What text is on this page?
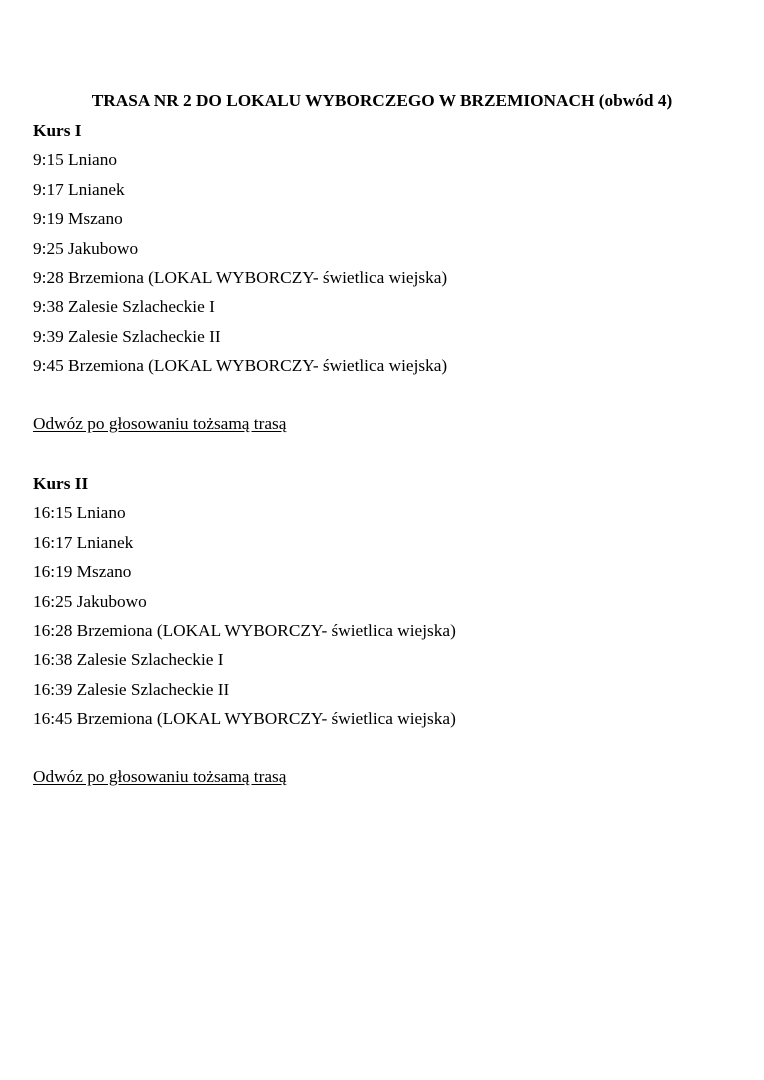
TRASA NR 2 DO LOKALU WYBORCZEGO W BRZEMIONACH (obwód 4)
Kurs I
9:15 Lniano
9:17 Lnianek
9:19 Mszano
9:25 Jakubowo
9:28 Brzemiona (LOKAL WYBORCZY- świetlica wiejska)
9:38 Zalesie Szlacheckie I
9:39 Zalesie Szlacheckie II
9:45 Brzemiona (LOKAL WYBORCZY- świetlica wiejska)
Odwóz po głosowaniu tożsamą trasą
Kurs II
16:15 Lniano
16:17 Lnianek
16:19 Mszano
16:25 Jakubowo
16:28 Brzemiona (LOKAL WYBORCZY- świetlica wiejska)
16:38 Zalesie Szlacheckie I
16:39 Zalesie Szlacheckie II
16:45 Brzemiona (LOKAL WYBORCZY- świetlica wiejska)
Odwóz po głosowaniu tożsamą trasą
